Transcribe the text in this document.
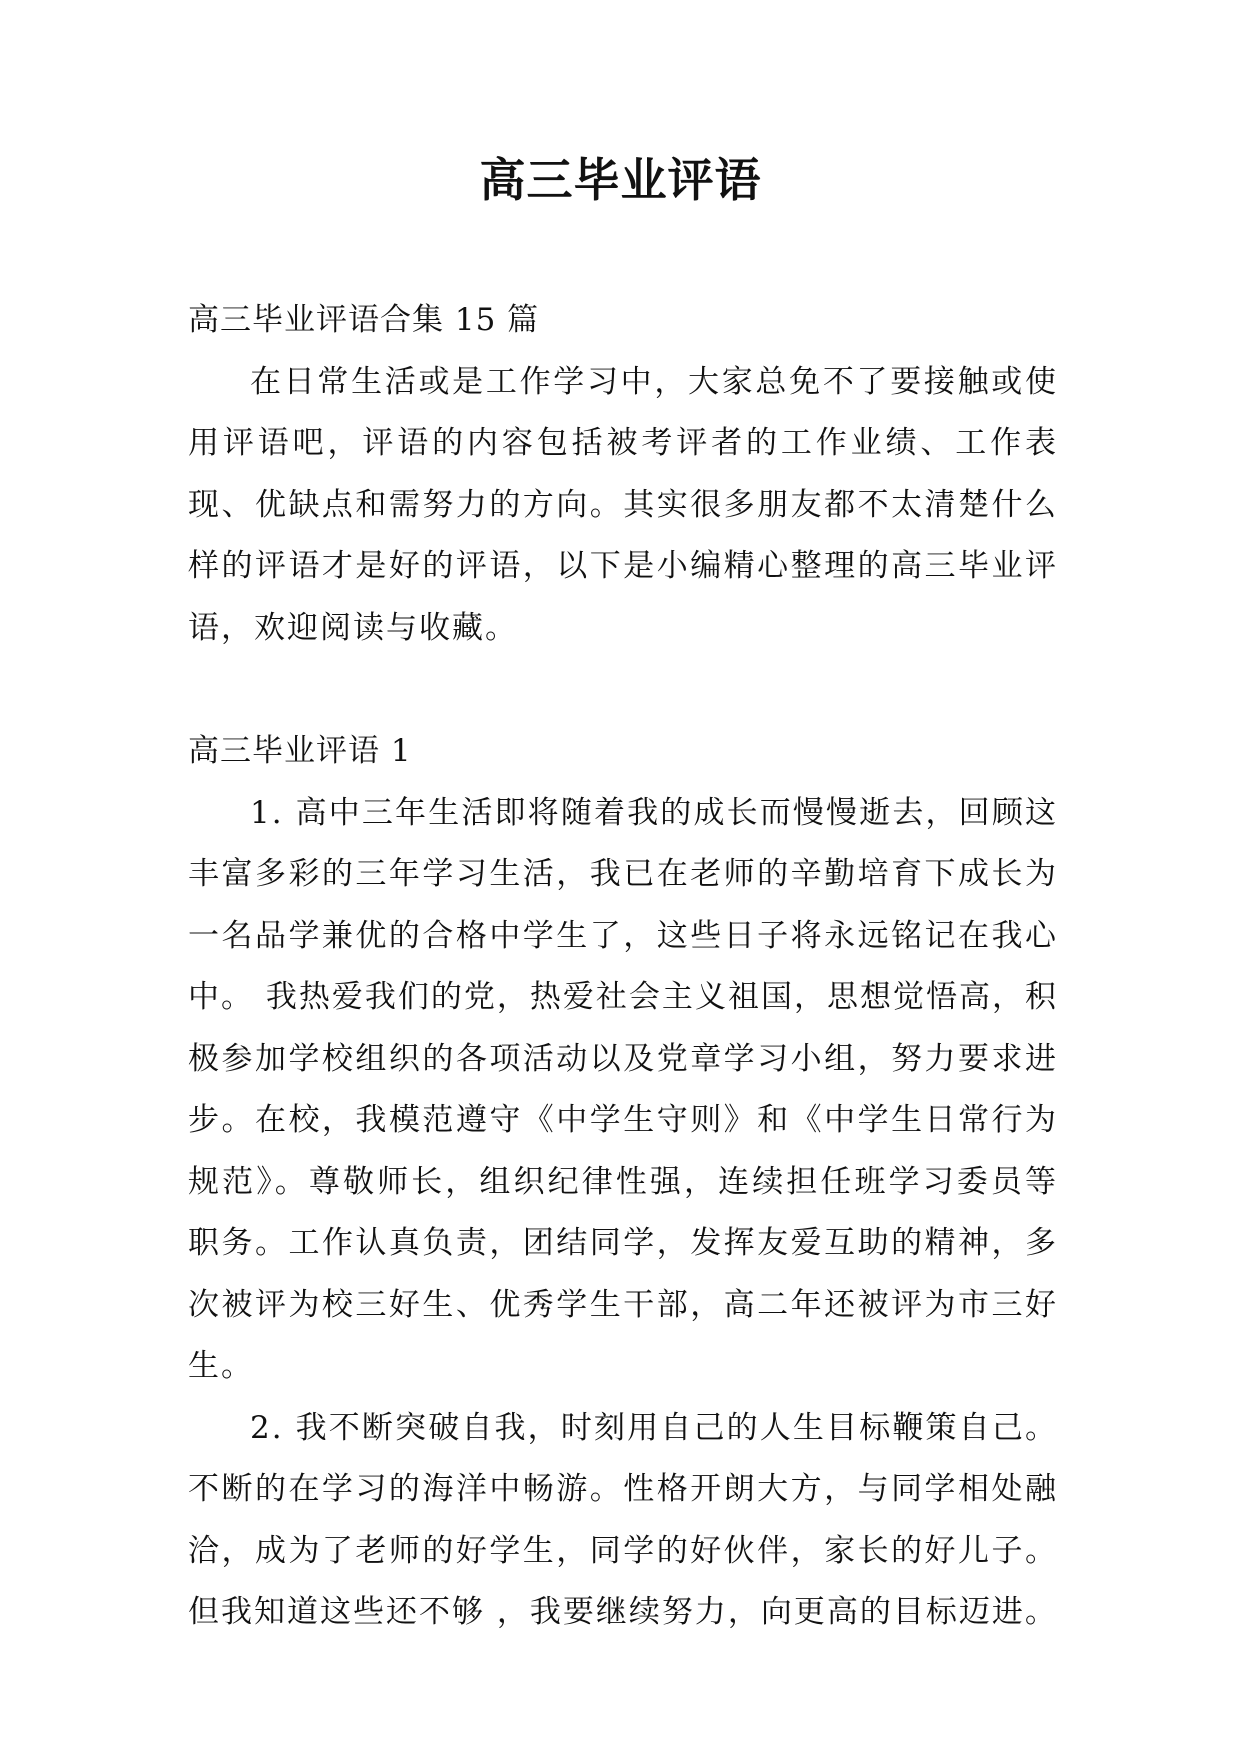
高三毕业评语

高三毕业评语合集 15 篇

在日常生活或是工作学习中，大家总免不了要接触或使用评语吧，评语的内容包括被考评者的工作业绩、工作表现、优缺点和需努力的方向。其实很多朋友都不太清楚什么样的评语才是好的评语，以下是小编精心整理的高三毕业评语，欢迎阅读与收藏。

高三毕业评语 1

1. 高中三年生活即将随着我的成长而慢慢逝去，回顾这丰富多彩的三年学习生活，我已在老师的辛勤培育下成长为一名品学兼优的合格中学生了，这些日子将永远铭记在我心中。 我热爱我们的党，热爱社会主义祖国，思想觉悟高，积极参加学校组织的各项活动以及党章学习小组，努力要求进步。在校，我模范遵守《中学生守则》和《中学生日常行为规范》。尊敬师长，组织纪律性强，连续担任班学习委员等职务。工作认真负责，团结同学，发挥友爱互助的精神，多次被评为校三好生、优秀学生干部，高二年还被评为市三好生。

2. 我不断突破自我，时刻用自己的人生目标鞭策自己。不断的在学习的海洋中畅游。性格开朗大方，与同学相处融洽，成为了老师的好学生，同学的好伙伴，家长的好儿子。但我知道这些还不够 ，我要继续努力，向更高的目标迈进。
